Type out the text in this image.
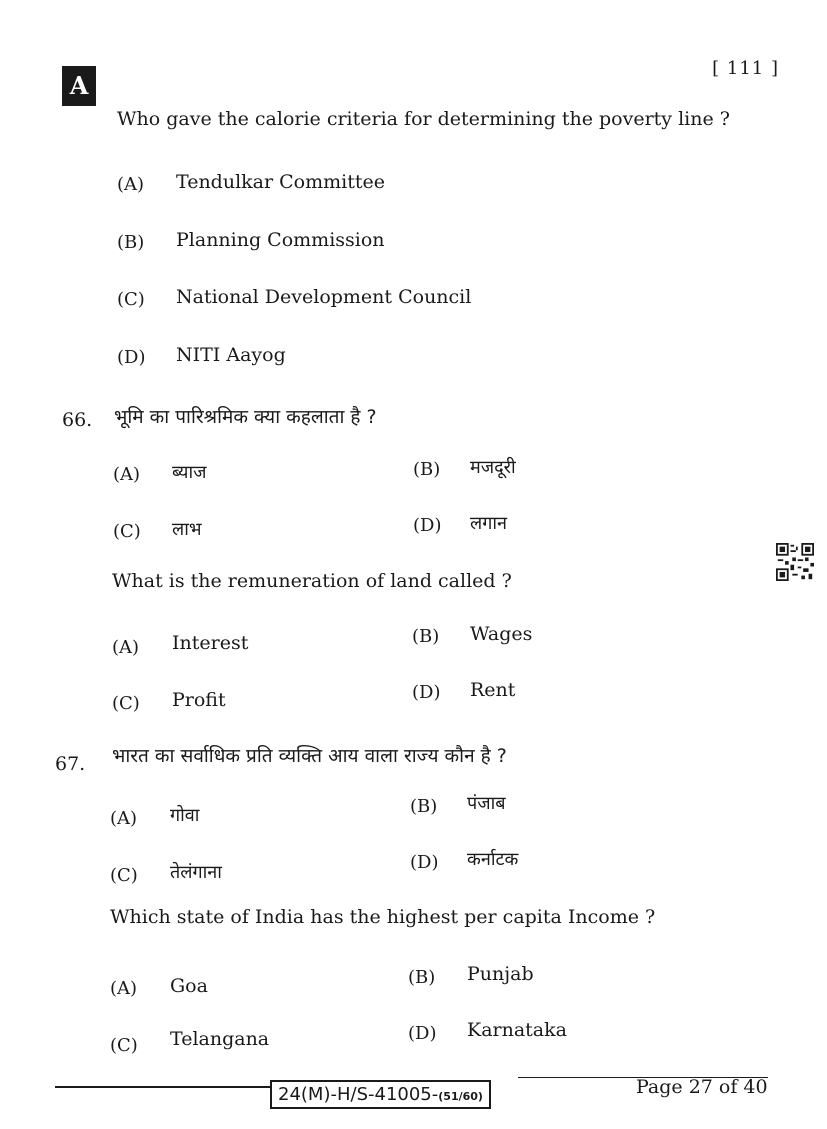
A
[ 111 ]
Who gave the calorie criteria for determining the poverty line ?
(A) Tendulkar Committee
(B) Planning Commission
(C) National Development Council
(D) NITI Aayog
66. भूमि का पारिश्रमिक क्या कहलाता है ?
(A) ब्याज	(B) मजदूरी
(C) लाभ	(D) लगान
What is the remuneration of land called ?
(A) Interest	(B) Wages
(C) Profit	(D) Rent
67. भारत का सर्वाधिक प्रति व्यक्ति आय वाला राज्य कौन है ?
(A) गोवा	(B) पंजाब
(C) तेलंगाना	(D) कर्नाटक
Which state of India has the highest per capita Income ?
(A) Goa	(B) Punjab
(C) Telangana	(D) Karnataka
24(M)-H/S-41005-(51/60)	Page 27 of 40
